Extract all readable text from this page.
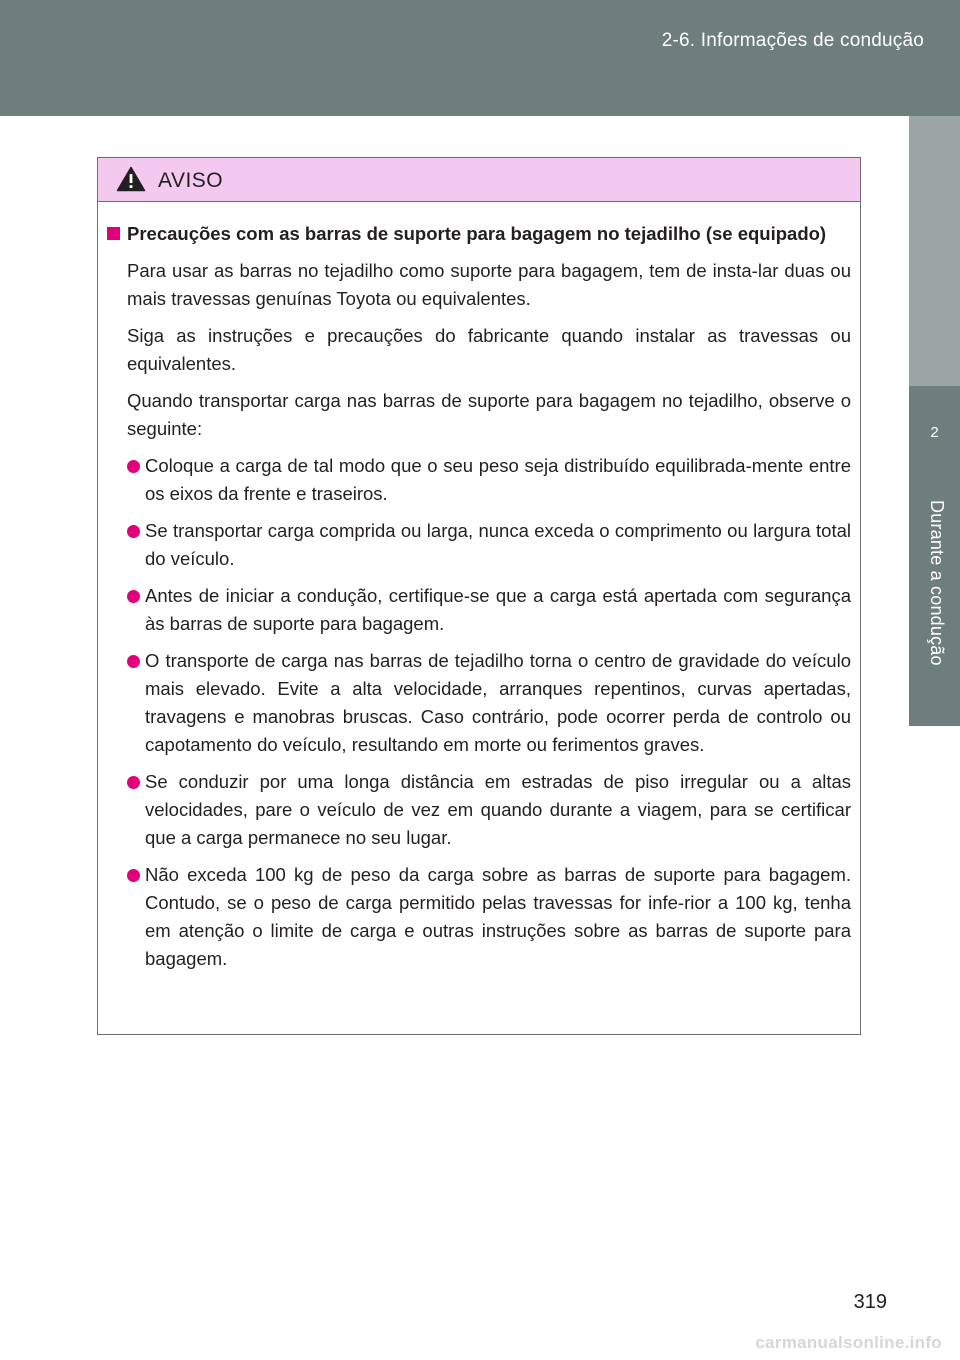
2-6. Informações de condução
2
Durante a condução
AVISO
Precauções com as barras de suporte para bagagem no tejadilho (se equipado)
Para usar as barras no tejadilho como suporte para bagagem, tem de insta-lar duas ou mais travessas genuínas Toyota ou equivalentes.
Siga as instruções e precauções do fabricante quando instalar as travessas ou equivalentes.
Quando transportar carga nas barras de suporte para bagagem no tejadilho, observe o seguinte:
Coloque a carga de tal modo que o seu peso seja distribuído equilibrada-mente entre os eixos da frente e traseiros.
Se transportar carga comprida ou larga, nunca exceda o comprimento ou largura total do veículo.
Antes de iniciar a condução, certifique-se que a carga está apertada com segurança às barras de suporte para bagagem.
O transporte de carga nas barras de tejadilho torna o centro de gravidade do veículo mais elevado. Evite a alta velocidade, arranques repentinos, curvas apertadas, travagens e manobras bruscas. Caso contrário, pode ocorrer perda de controlo ou capotamento do veículo, resultando em morte ou ferimentos graves.
Se conduzir por uma longa distância em estradas de piso irregular ou a altas velocidades, pare o veículo de vez em quando durante a viagem, para se certificar que a carga permanece no seu lugar.
Não exceda 100 kg de peso da carga sobre as barras de suporte para bagagem. Contudo, se o peso de carga permitido pelas travessas for infe-rior a 100 kg, tenha em atenção o limite de carga e outras instruções sobre as barras de suporte para bagagem.
319
carmanualsonline.info
